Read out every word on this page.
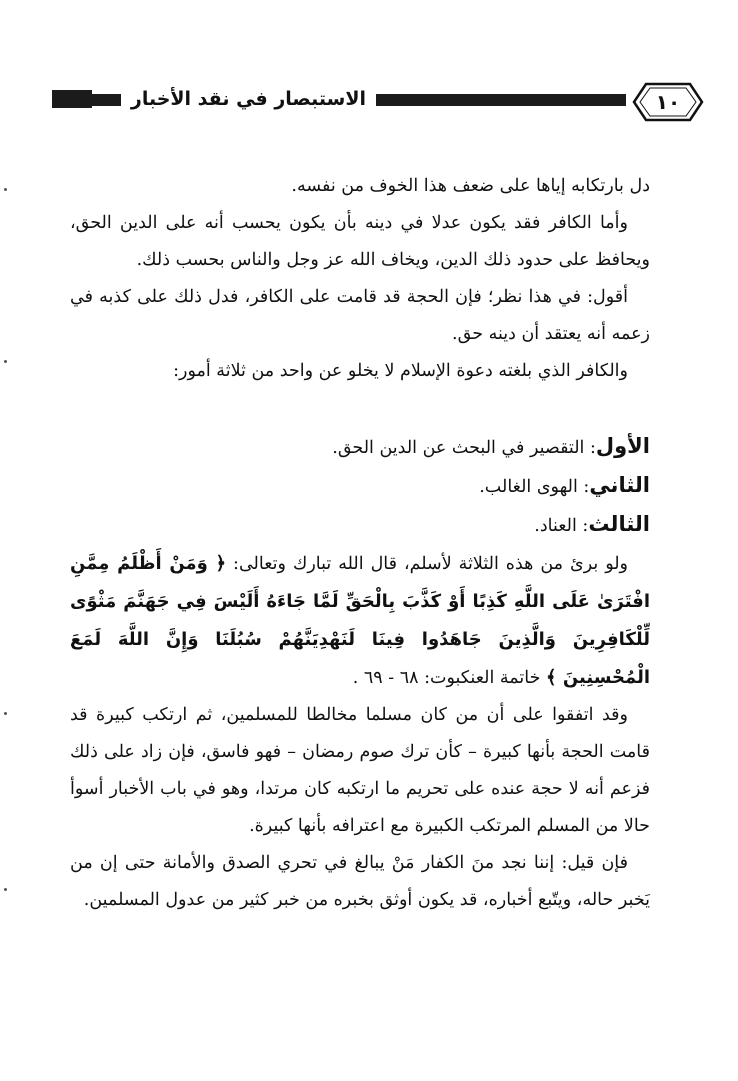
الاستبصار في نقد الأخبار	١٠

دل بارتكابه إياها على ضعف هذا الخوف من نفسه.

وأما الكافر فقد يكون عدلا في دينه بأن يكون يحسب أنه على الدين الحق، ويحافظ على حدود ذلك الدين، ويخاف الله عز وجل والناس بحسب ذلك.

أقول: في هذا نظر؛ فإن الحجة قد قامت على الكافر، فدل ذلك على كذبه في زعمه أنه يعتقد أن دينه حق.

والكافر الذي بلغته دعوة الإسلام لا يخلو عن واحد من ثلاثة أمور:

الأول: التقصير في البحث عن الدين الحق.

الثاني: الهوى الغالب.

الثالث: العناد.

ولو برئ من هذه الثلاثة لأسلم، قال الله تبارك وتعالى: ﴿ وَمَنْ أَظْلَمُ مِمَّنِ افْتَرَىٰ عَلَى اللَّهِ كَذِبًا أَوْ كَذَّبَ بِالْحَقِّ لَمَّا جَاءَهُ أَلَيْسَ فِي جَهَنَّمَ مَثْوًى لِّلْكَافِرِينَ وَالَّذِينَ جَاهَدُوا فِينَا لَنَهْدِيَنَّهُمْ سُبُلَنَا وَإِنَّ اللَّهَ لَمَعَ الْمُحْسِنِينَ ﴾ خاتمة العنكبوت: ٦٨ - ٦٩ .

وقد اتفقوا على أن من كان مسلما مخالطا للمسلمين، ثم ارتكب كبيرة قد قامت الحجة بأنها كبيرة – كأن ترك صوم رمضان – فهو فاسق، فإن زاد على ذلك فزعم أنه لا حجة عنده على تحريم ما ارتكبه كان مرتدا، وهو في باب الأخبار أسوأ حالا من المسلم المرتكب الكبيرة مع اعترافه بأنها كبيرة.

فإن قيل: إننا نجد منَ الكفار مَنْ يبالغ في تحري الصدق والأمانة حتى إن من يَخبر حاله، ويتّبع أخباره، قد يكون أوثق بخبره من خبر كثير من عدول المسلمين.
